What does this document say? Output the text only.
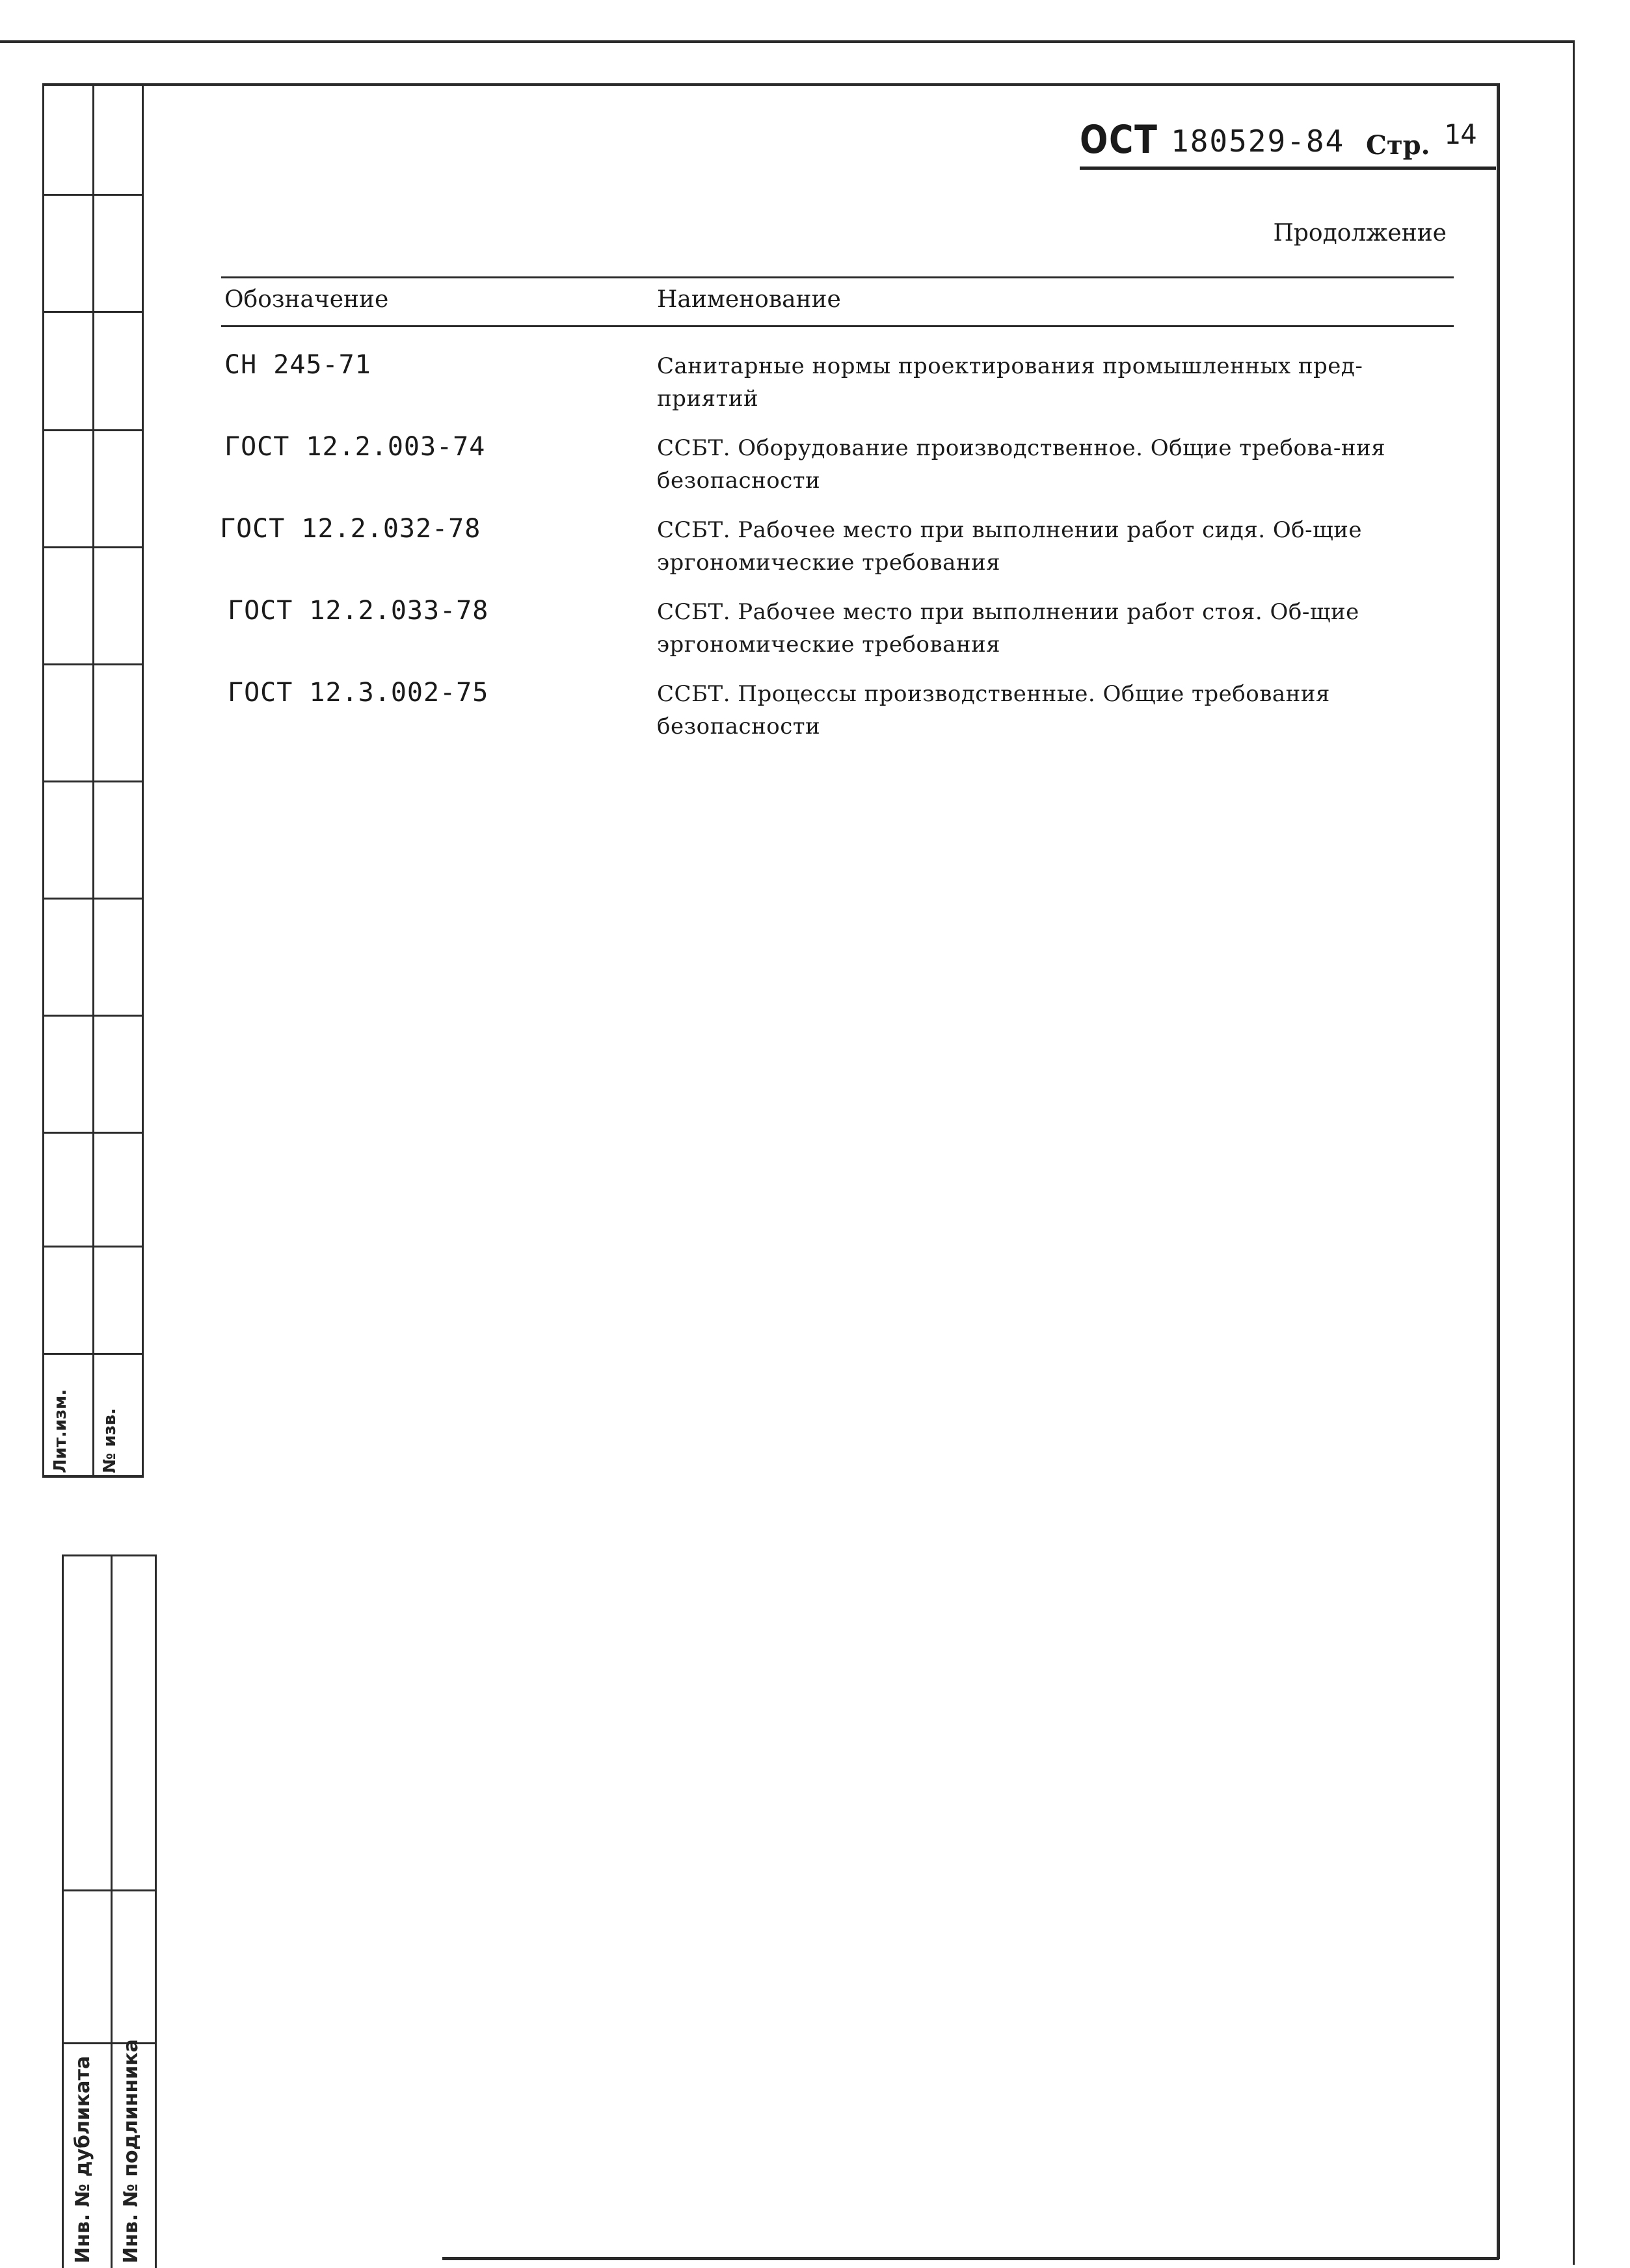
Лит.изм. № изв.
Инв. № дубликата Инв. № подлинника
ОСТ 180529-84 Стр. 14
Продолжение
Обозначение	Наименование
СН 245-71	Санитарные нормы проектирования промышленных пред-приятий
ГОСТ 12.2.003-74	ССБТ. Оборудование производственное. Общие требова-ния безопасности
ГОСТ 12.2.032-78	ССБТ. Рабочее место при выполнении работ сидя. Об-щие эргономические требования
ГОСТ 12.2.033-78	ССБТ. Рабочее место при выполнении работ стоя. Об-щие эргономические требования
ГОСТ 12.3.002-75	ССБТ. Процессы производственные. Общие требования безопасности
